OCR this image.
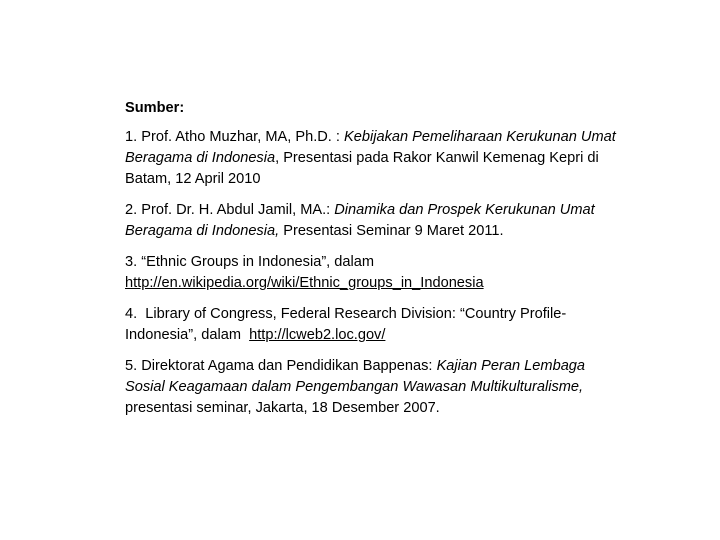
Sumber:

1. Prof. Atho Muzhar, MA, Ph.D. : Kebijakan Pemeliharaan Kerukunan Umat Beragama di Indonesia, Presentasi pada Rakor Kanwil Kemenag Kepri di Batam, 12 April 2010

2. Prof. Dr. H. Abdul Jamil, MA.: Dinamika dan Prospek Kerukunan Umat Beragama di Indonesia, Presentasi Seminar 9 Maret 2011.

3. “Ethnic Groups in Indonesia”, dalam
http://en.wikipedia.org/wiki/Ethnic_groups_in_Indonesia

4. Library of Congress, Federal Research Division: “Country Profile-Indonesia”, dalam http://lcweb2.loc.gov/

5. Direktorat Agama dan Pendidikan Bappenas: Kajian Peran Lembaga Sosial Keagamaan dalam Pengembangan Wawasan Multikulturalisme, presentasi seminar, Jakarta, 18 Desember 2007.
